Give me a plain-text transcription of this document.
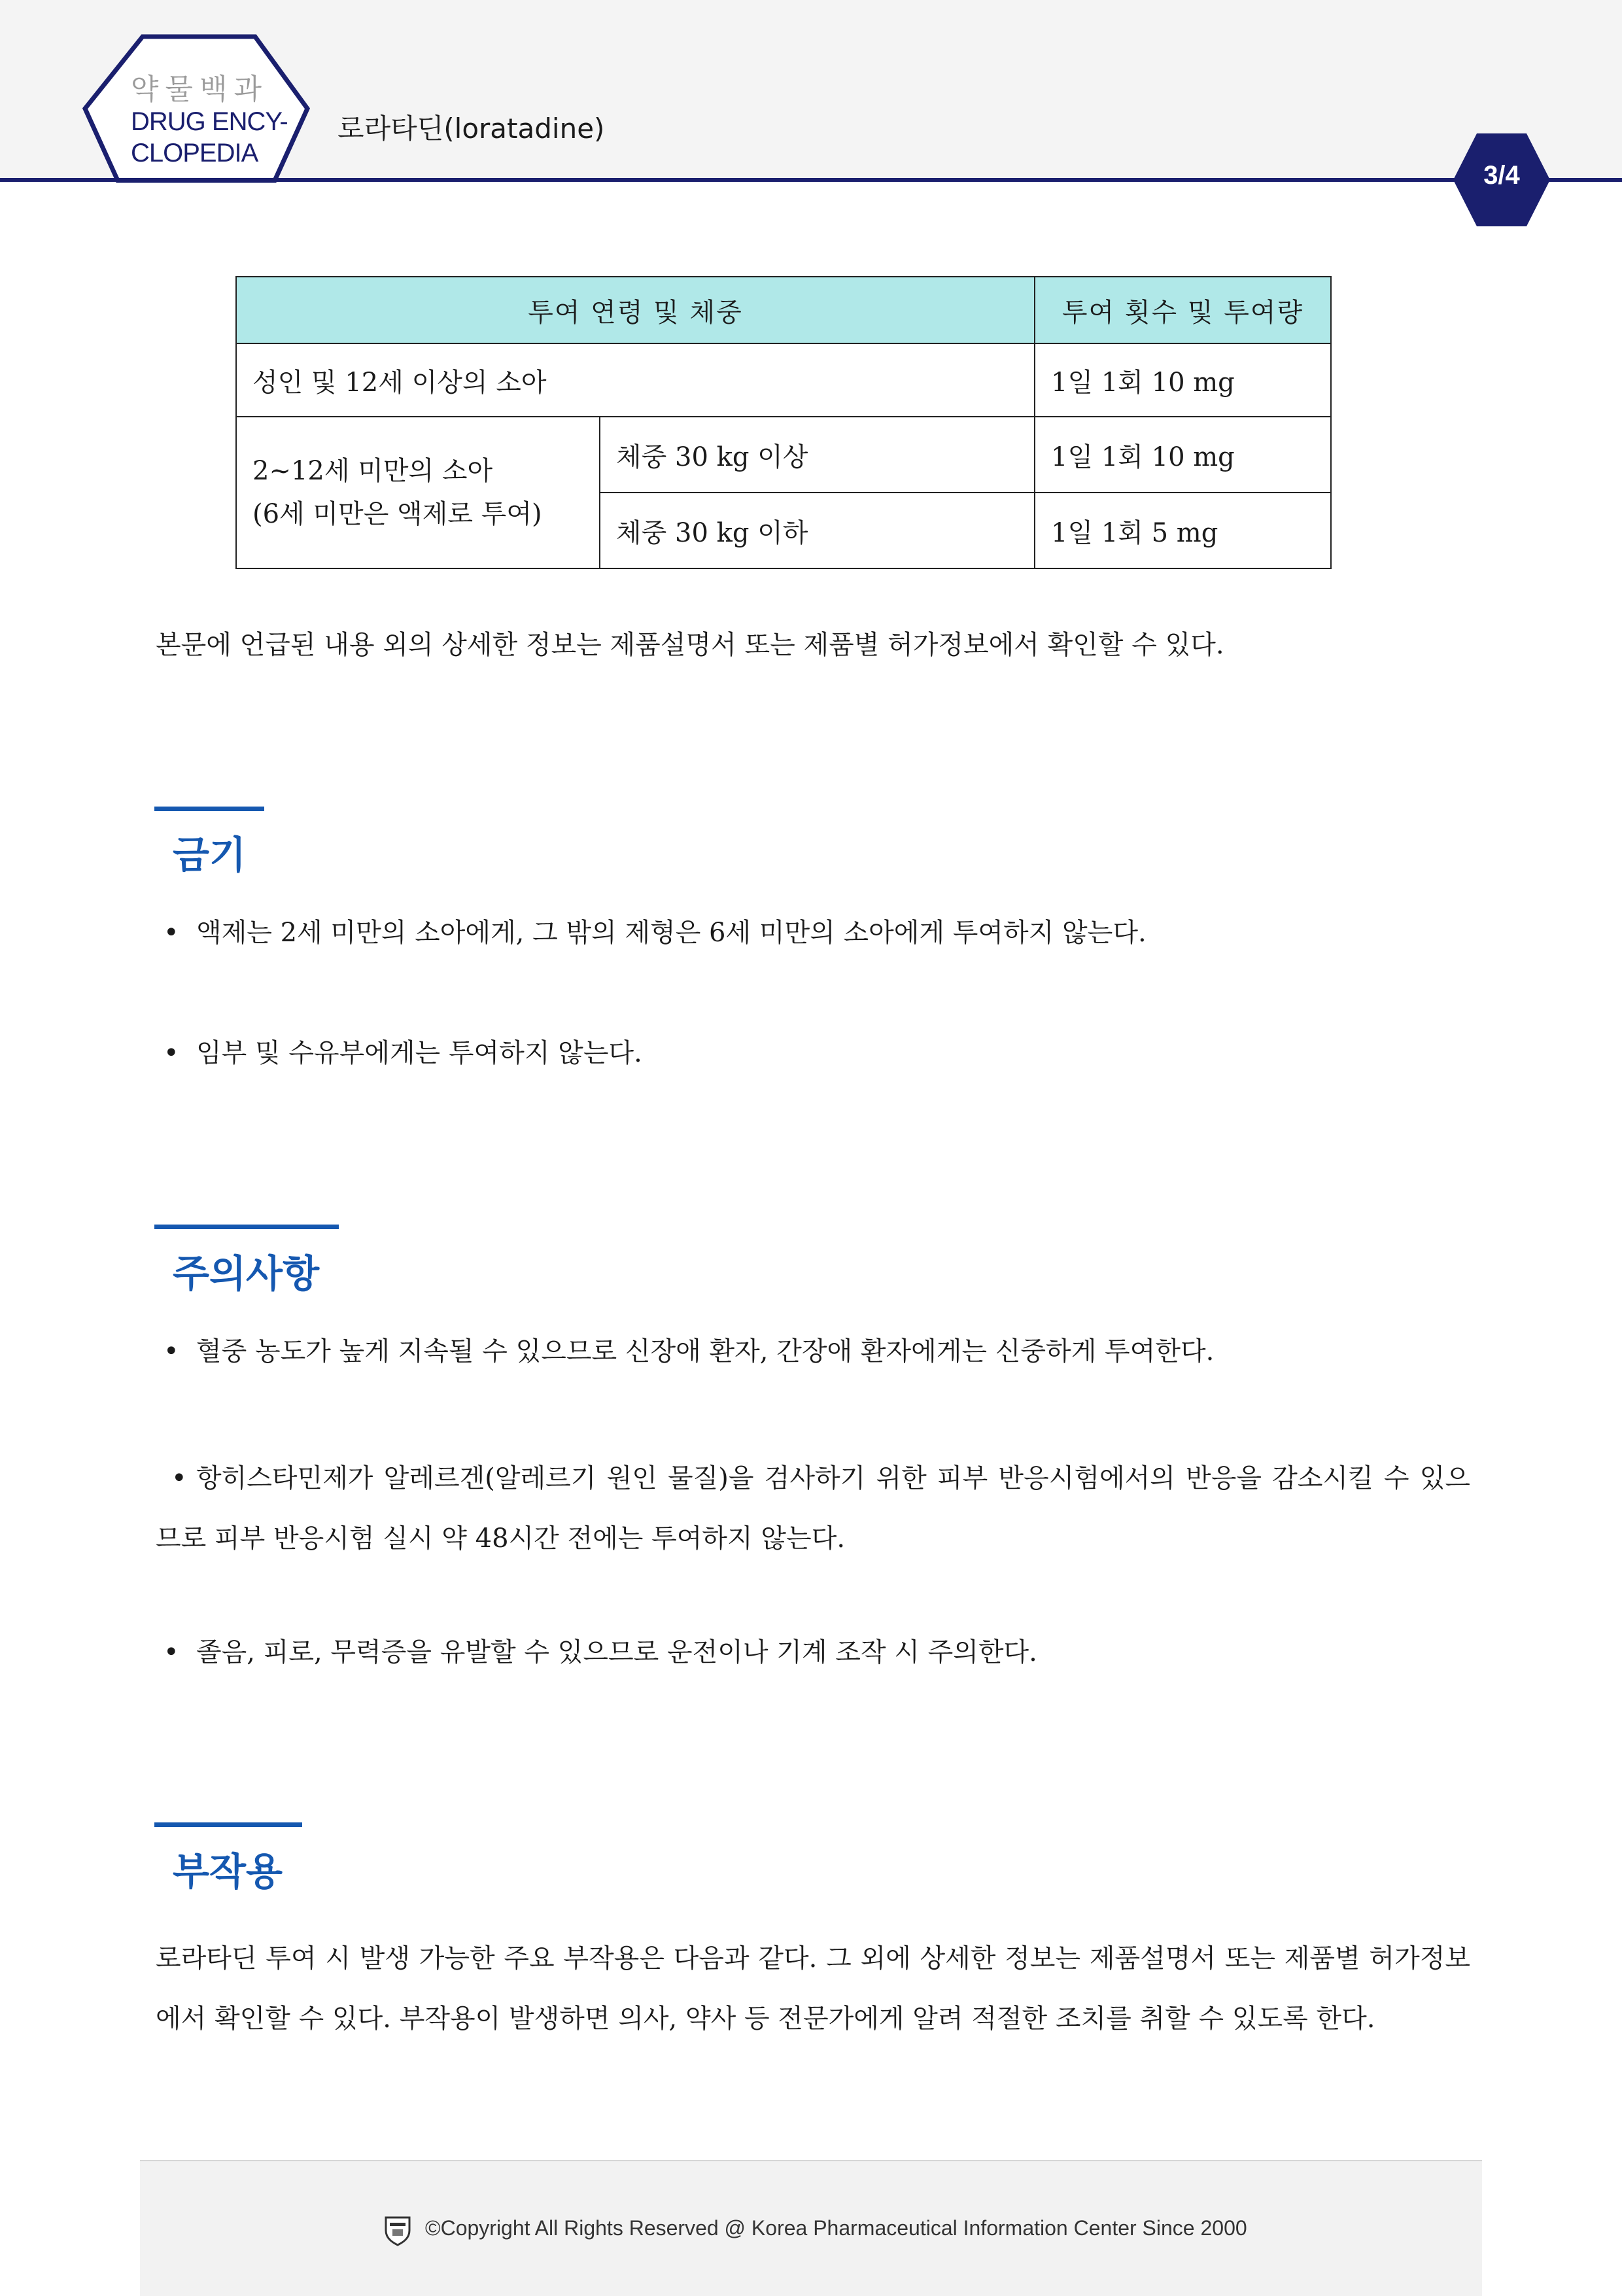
약물백과
DRUG ENCY-
CLOPEDIA
로라타딘(loratadine)
3/4
투여 연령 및 체중		투여 횟수 및 투여량
성인 및 12세 이상의 소아		1일 1회 10 mg

2~12세 미만의 소아
(6세 미만은 액제로 투여)	체중 30 kg 이상	1일 1회 10 mg
	체중 30 kg 이하	1일 1회 5 mg
본문에 언급된 내용 외의 상세한 정보는 제품설명서 또는 제품별 허가정보에서 확인할 수 있다.
금기
• 액제는 2세 미만의 소아에게, 그 밖의 제형은 6세 미만의 소아에게 투여하지 않는다.
• 임부 및 수유부에게는 투여하지 않는다.
주의사항
• 혈중 농도가 높게 지속될 수 있으므로 신장애 환자, 간장애 환자에게는 신중하게 투여한다.
• 항히스타민제가 알레르겐(알레르기 원인 물질)을 검사하기 위한 피부 반응시험에서의 반응을 감소시킬 수 있으므로 피부 반응시험 실시 약 48시간 전에는 투여하지 않는다.
• 졸음, 피로, 무력증을 유발할 수 있으므로 운전이나 기계 조작 시 주의한다.
부작용
로라타딘 투여 시 발생 가능한 주요 부작용은 다음과 같다. 그 외에 상세한 정보는 제품설명서 또는 제품별 허가정보에서 확인할 수 있다. 부작용이 발생하면 의사, 약사 등 전문가에게 알려 적절한 조치를 취할 수 있도록 한다.
©Copyright All Rights Reserved @ Korea Pharmaceutical Information Center Since 2000
